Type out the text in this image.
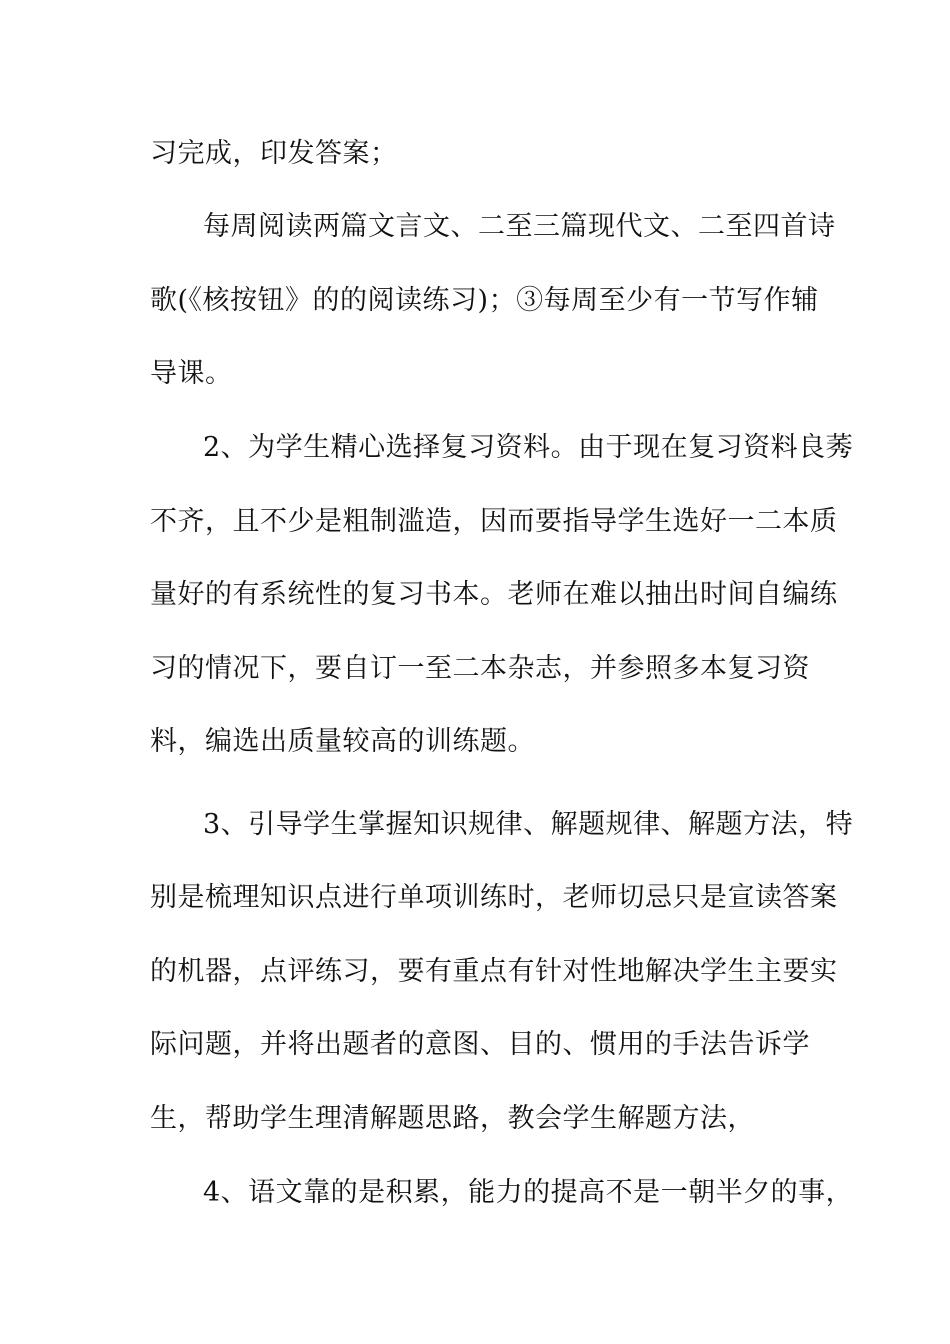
习完成，印发答案；
每周阅读两篇文言文、二至三篇现代文、二至四首诗
歌(《核按钮》的的阅读练习)；③每周至少有一节写作辅
导课。
2、为学生精心选择复习资料。由于现在复习资料良莠
不齐，且不少是粗制滥造，因而要指导学生选好一二本质
量好的有系统性的复习书本。老师在难以抽出时间自编练
习的情况下，要自订一至二本杂志，并参照多本复习资
料，编选出质量较高的训练题。
3、引导学生掌握知识规律、解题规律、解题方法，特
别是梳理知识点进行单项训练时，老师切忌只是宣读答案
的机器，点评练习，要有重点有针对性地解决学生主要实
际问题，并将出题者的意图、目的、惯用的手法告诉学
生，帮助学生理清解题思路，教会学生解题方法，
4、语文靠的是积累，能力的提高不是一朝半夕的事，
